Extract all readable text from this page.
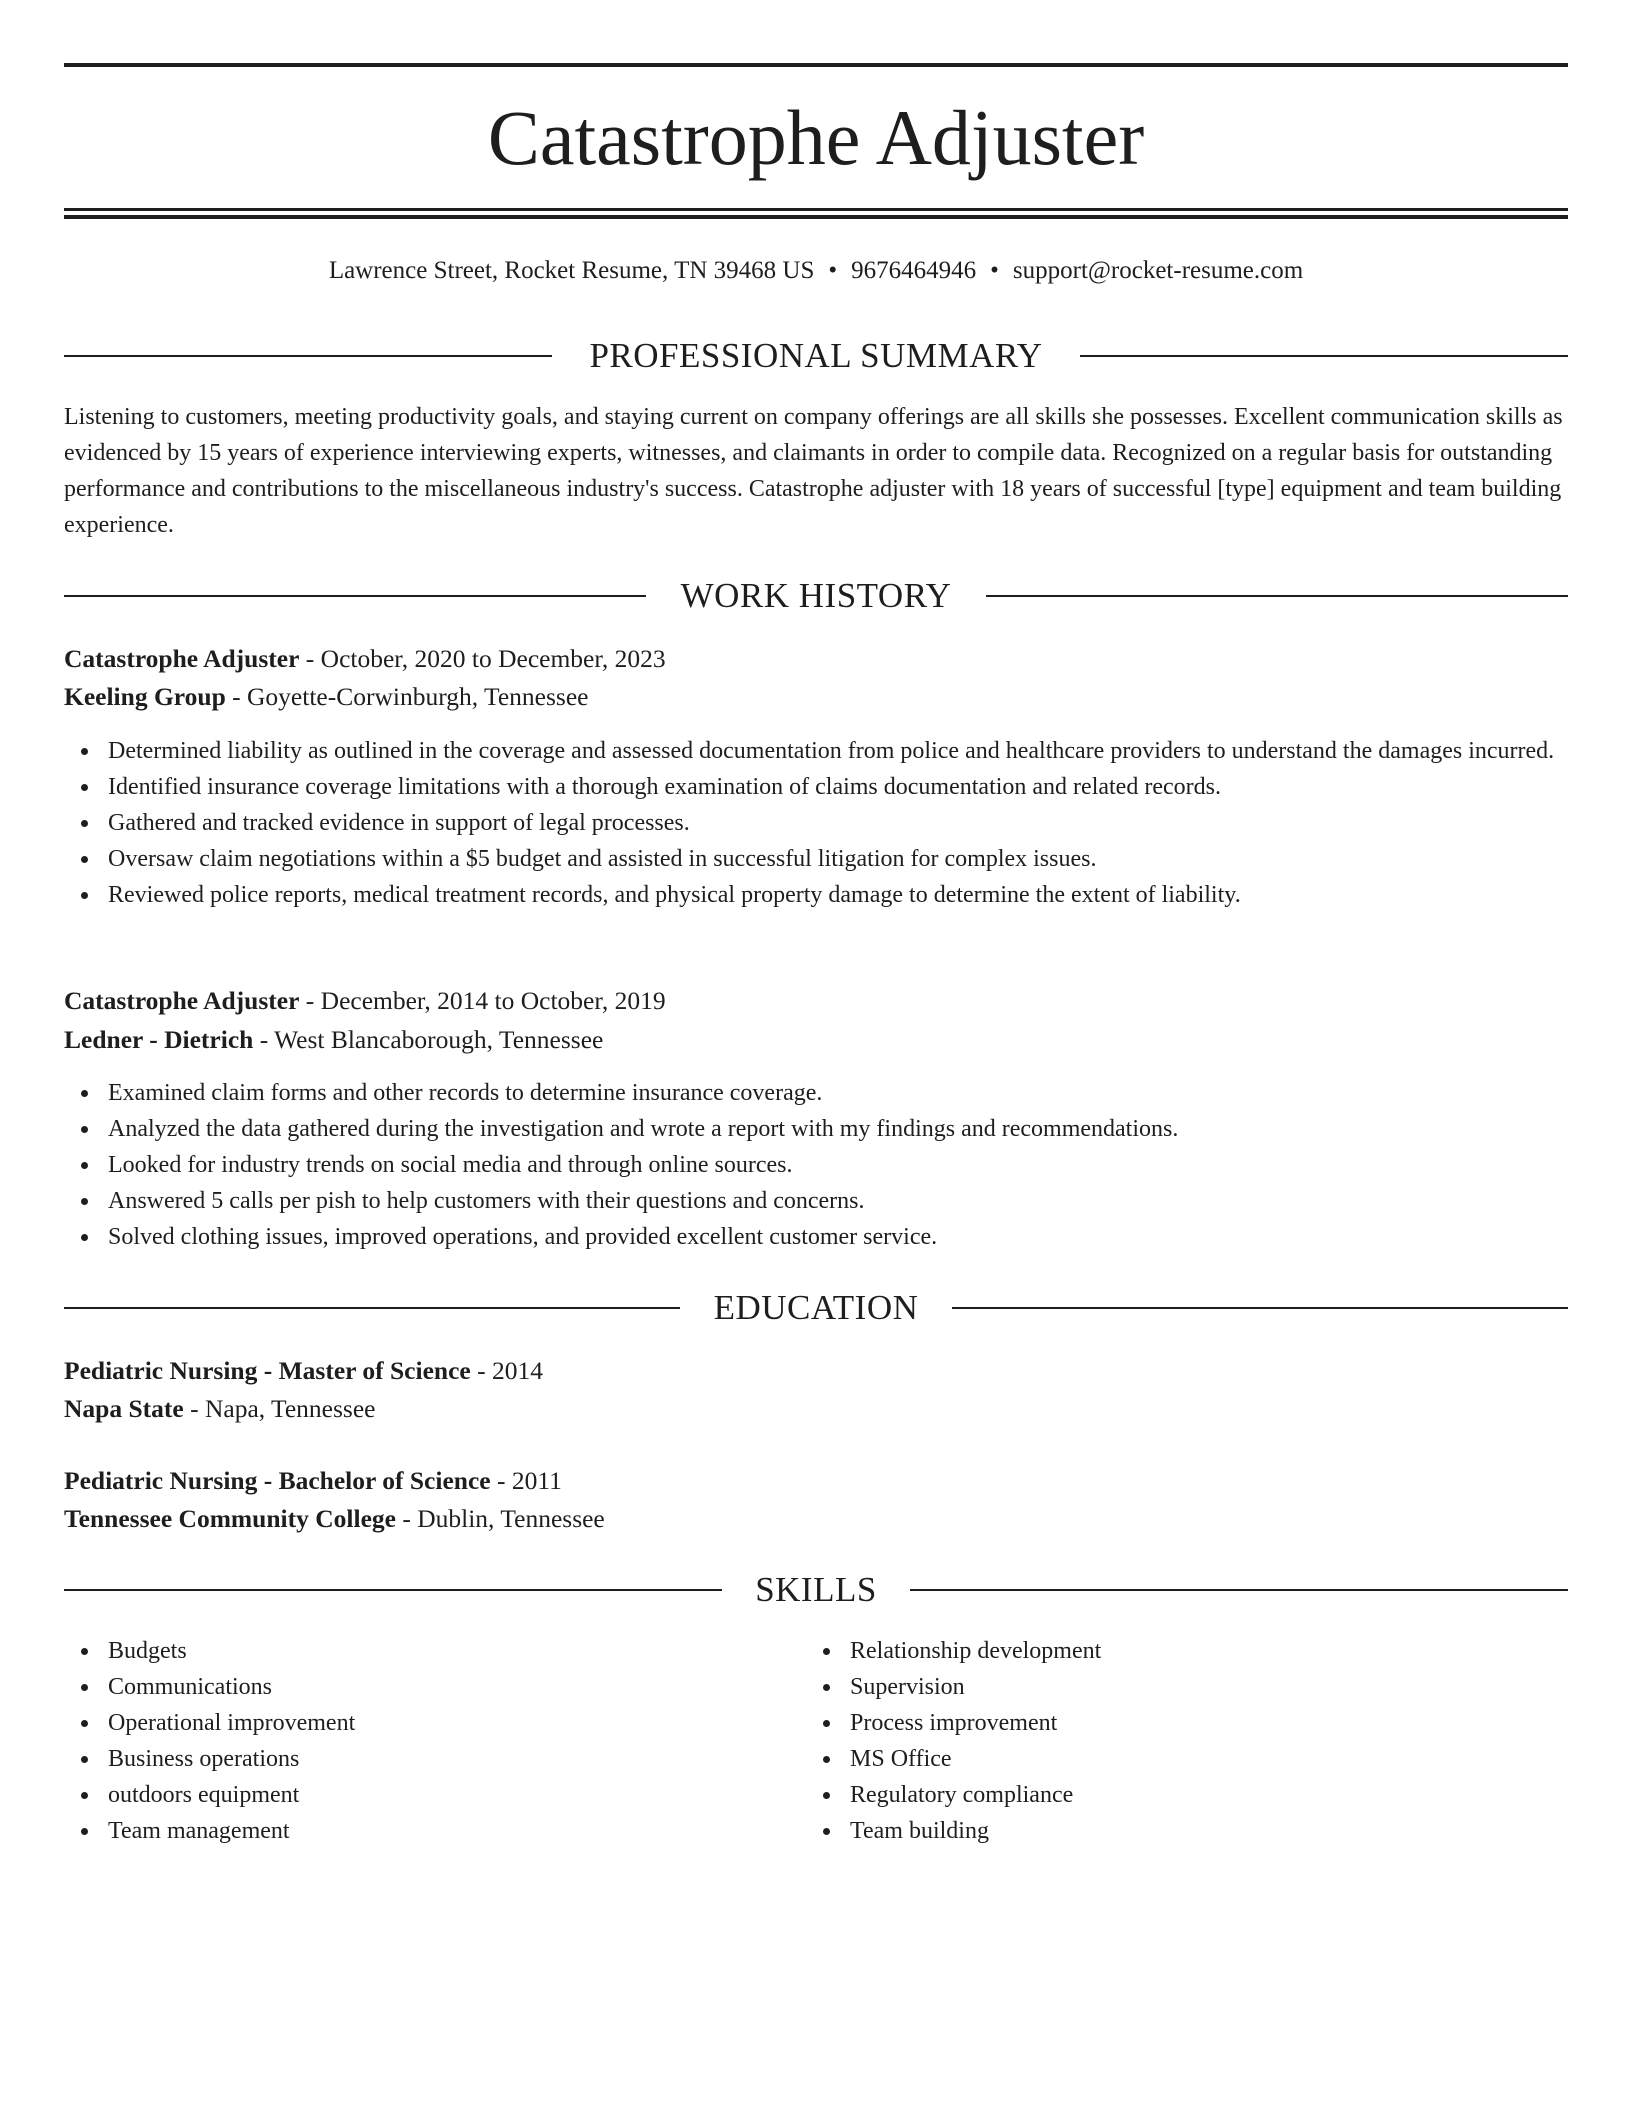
Catastrophe Adjuster
Lawrence Street, Rocket Resume, TN 39468 US • 9676464946 • support@rocket-resume.com
PROFESSIONAL SUMMARY

Listening to customers, meeting productivity goals, and staying current on company offerings are all skills she possesses. Excellent communication skills as evidenced by 15 years of experience interviewing experts, witnesses, and claimants in order to compile data. Recognized on a regular basis for outstanding performance and contributions to the miscellaneous industry's success. Catastrophe adjuster with 18 years of successful [type] equipment and team building experience.

WORK HISTORY
Catastrophe Adjuster - October, 2020 to December, 2023
Keeling Group - Goyette-Corwinburgh, Tennessee
Determined liability as outlined in the coverage and assessed documentation from police and healthcare providers to understand the damages incurred.
Identified insurance coverage limitations with a thorough examination of claims documentation and related records.
Gathered and tracked evidence in support of legal processes.
Oversaw claim negotiations within a $5 budget and assisted in successful litigation for complex issues.
Reviewed police reports, medical treatment records, and physical property damage to determine the extent of liability.
Catastrophe Adjuster - December, 2014 to October, 2019
Ledner - Dietrich - West Blancaborough, Tennessee
Examined claim forms and other records to determine insurance coverage.
Analyzed the data gathered during the investigation and wrote a report with my findings and recommendations.
Looked for industry trends on social media and through online sources.
Answered 5 calls per pish to help customers with their questions and concerns.
Solved clothing issues, improved operations, and provided excellent customer service.
EDUCATION
Pediatric Nursing - Master of Science - 2014
Napa State - Napa, Tennessee
Pediatric Nursing - Bachelor of Science - 2011
Tennessee Community College - Dublin, Tennessee
SKILLS
Budgets
Communications
Operational improvement
Business operations
outdoors equipment
Team management
Relationship development
Supervision
Process improvement
MS Office
Regulatory compliance
Team building
